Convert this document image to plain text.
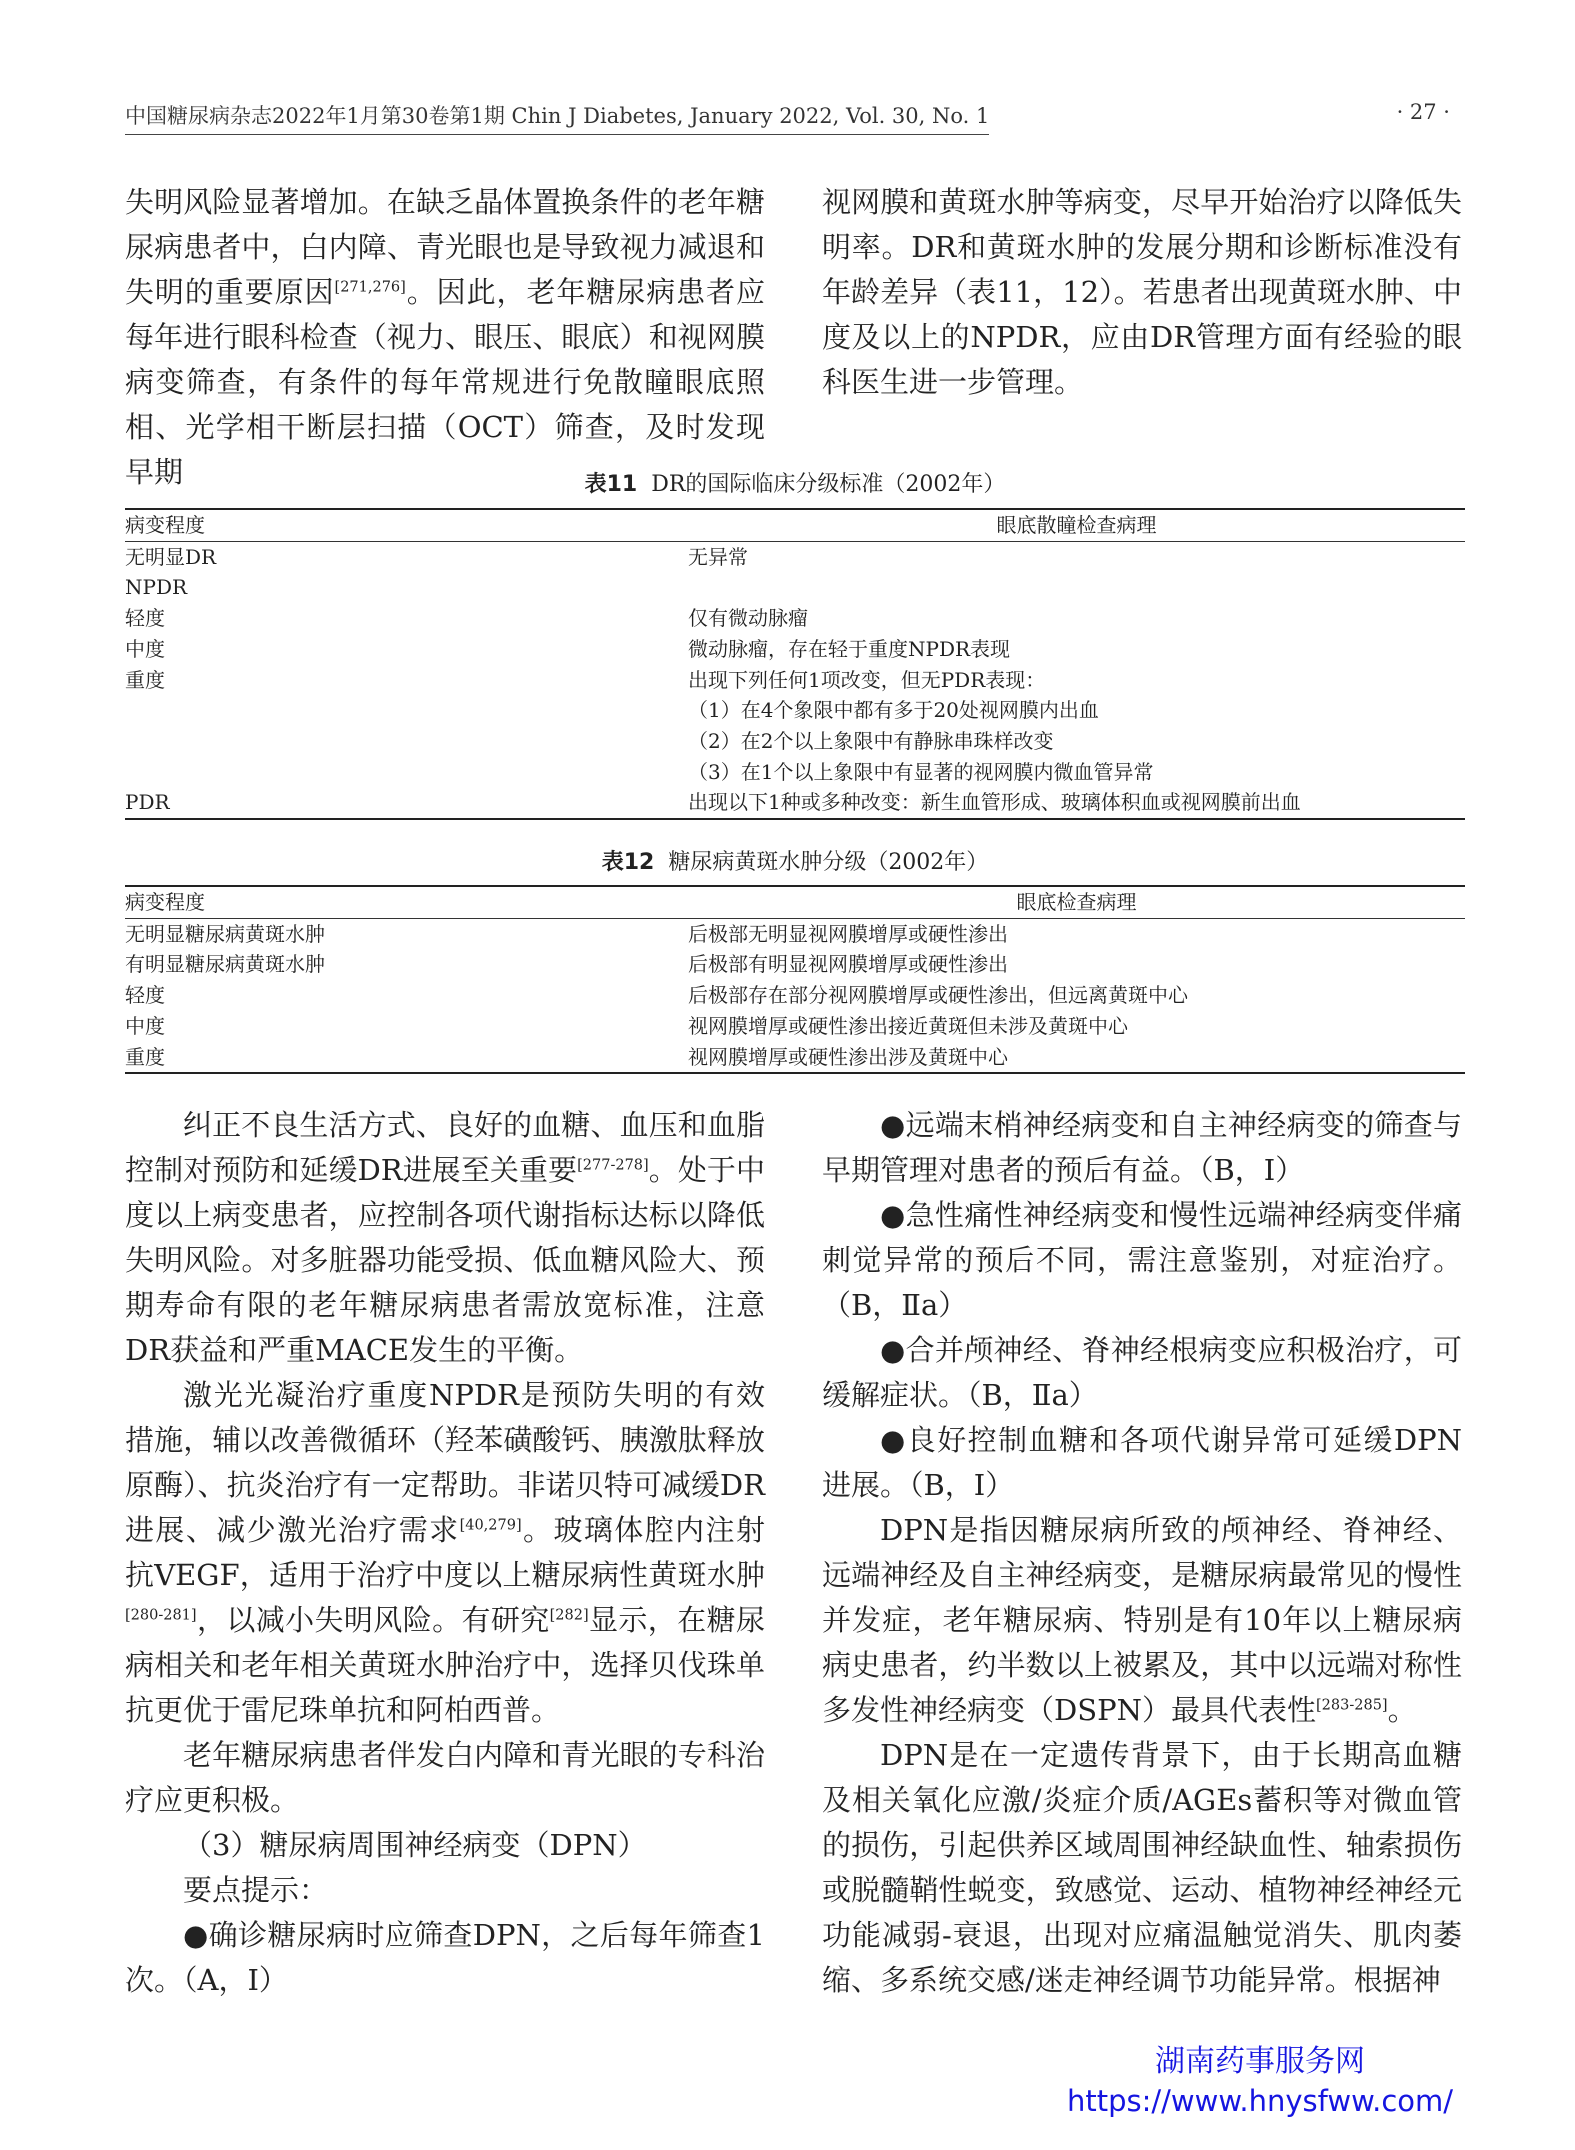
中国糖尿病杂志2022年1月第30卷第1期 Chin J Diabetes, January 2022, Vol. 30, No. 1	· 27 ·

失明风险显著增加。在缺乏晶体置换条件的老年糖尿病患者中，白内障、青光眼也是导致视力减退和失明的重要原因[271,276]。因此，老年糖尿病患者应每年进行眼科检查（视力、眼压、眼底）和视网膜病变筛查，有条件的每年常规进行免散瞳眼底照相、光学相干断层扫描（OCT）筛查，及时发现早期

视网膜和黄斑水肿等病变，尽早开始治疗以降低失明率。DR和黄斑水肿的发展分期和诊断标准没有年龄差异（表11，12）。若患者出现黄斑水肿、中度及以上的NPDR，应由DR管理方面有经验的眼科医生进一步管理。

表11 DR的国际临床分级标准（2002年）
病变程度	眼底散瞳检查病理
无明显DR	无异常
NPDR	
轻度	仅有微动脉瘤
中度	微动脉瘤，存在轻于重度NPDR表现
重度	出现下列任何1项改变，但无PDR表现：
	（1）在4个象限中都有多于20处视网膜内出血
	（2）在2个以上象限中有静脉串珠样改变
	（3）在1个以上象限中有显著的视网膜内微血管异常
PDR	出现以下1种或多种改变：新生血管形成、玻璃体积血或视网膜前出血
表12 糖尿病黄斑水肿分级（2002年）
病变程度	眼底检查病理
无明显糖尿病黄斑水肿	后极部无明显视网膜增厚或硬性渗出
有明显糖尿病黄斑水肿	后极部有明显视网膜增厚或硬性渗出
轻度	后极部存在部分视网膜增厚或硬性渗出，但远离黄斑中心
中度	视网膜增厚或硬性渗出接近黄斑但未涉及黄斑中心
重度	视网膜增厚或硬性渗出涉及黄斑中心

纠正不良生活方式、良好的血糖、血压和血脂控制对预防和延缓DR进展至关重要[277-278]。处于中度以上病变患者，应控制各项代谢指标达标以降低失明风险。对多脏器功能受损、低血糖风险大、预期寿命有限的老年糖尿病患者需放宽标准，注意DR获益和严重MACE发生的平衡。

激光光凝治疗重度NPDR是预防失明的有效措施，辅以改善微循环（羟苯磺酸钙、胰激肽释放原酶）、抗炎治疗有一定帮助。非诺贝特可减缓DR进展、减少激光治疗需求[40,279]。玻璃体腔内注射抗VEGF，适用于治疗中度以上糖尿病性黄斑水肿[280-281]，以减小失明风险。有研究[282]显示，在糖尿病相关和老年相关黄斑水肿治疗中，选择贝伐珠单抗更优于雷尼珠单抗和阿柏西普。

老年糖尿病患者伴发白内障和青光眼的专科治疗应更积极。

（3）糖尿病周围神经病变（DPN）

要点提示：

●确诊糖尿病时应筛查DPN，之后每年筛查1次。（A，Ⅰ）

●远端末梢神经病变和自主神经病变的筛查与早期管理对患者的预后有益。（B，Ⅰ）

●急性痛性神经病变和慢性远端神经病变伴痛刺觉异常的预后不同，需注意鉴别，对症治疗。（B，Ⅱa）

●合并颅神经、脊神经根病变应积极治疗，可缓解症状。（B，Ⅱa）

●良好控制血糖和各项代谢异常可延缓DPN进展。（B，Ⅰ）

DPN是指因糖尿病所致的颅神经、脊神经、远端神经及自主神经病变，是糖尿病最常见的慢性并发症，老年糖尿病、特别是有10年以上糖尿病病史患者，约半数以上被累及，其中以远端对称性多发性神经病变（DSPN）最具代表性[283-285]。

DPN是在一定遗传背景下，由于长期高血糖及相关氧化应激/炎症介质/AGEs蓄积等对微血管的损伤，引起供养区域周围神经缺血性、轴索损伤或脱髓鞘性蜕变，致感觉、运动、植物神经神经元功能减弱-衰退，出现对应痛温触觉消失、肌肉萎缩、多系统交感/迷走神经调节功能异常。根据神

湖南药事服务网
https://www.hnysfww.com/
